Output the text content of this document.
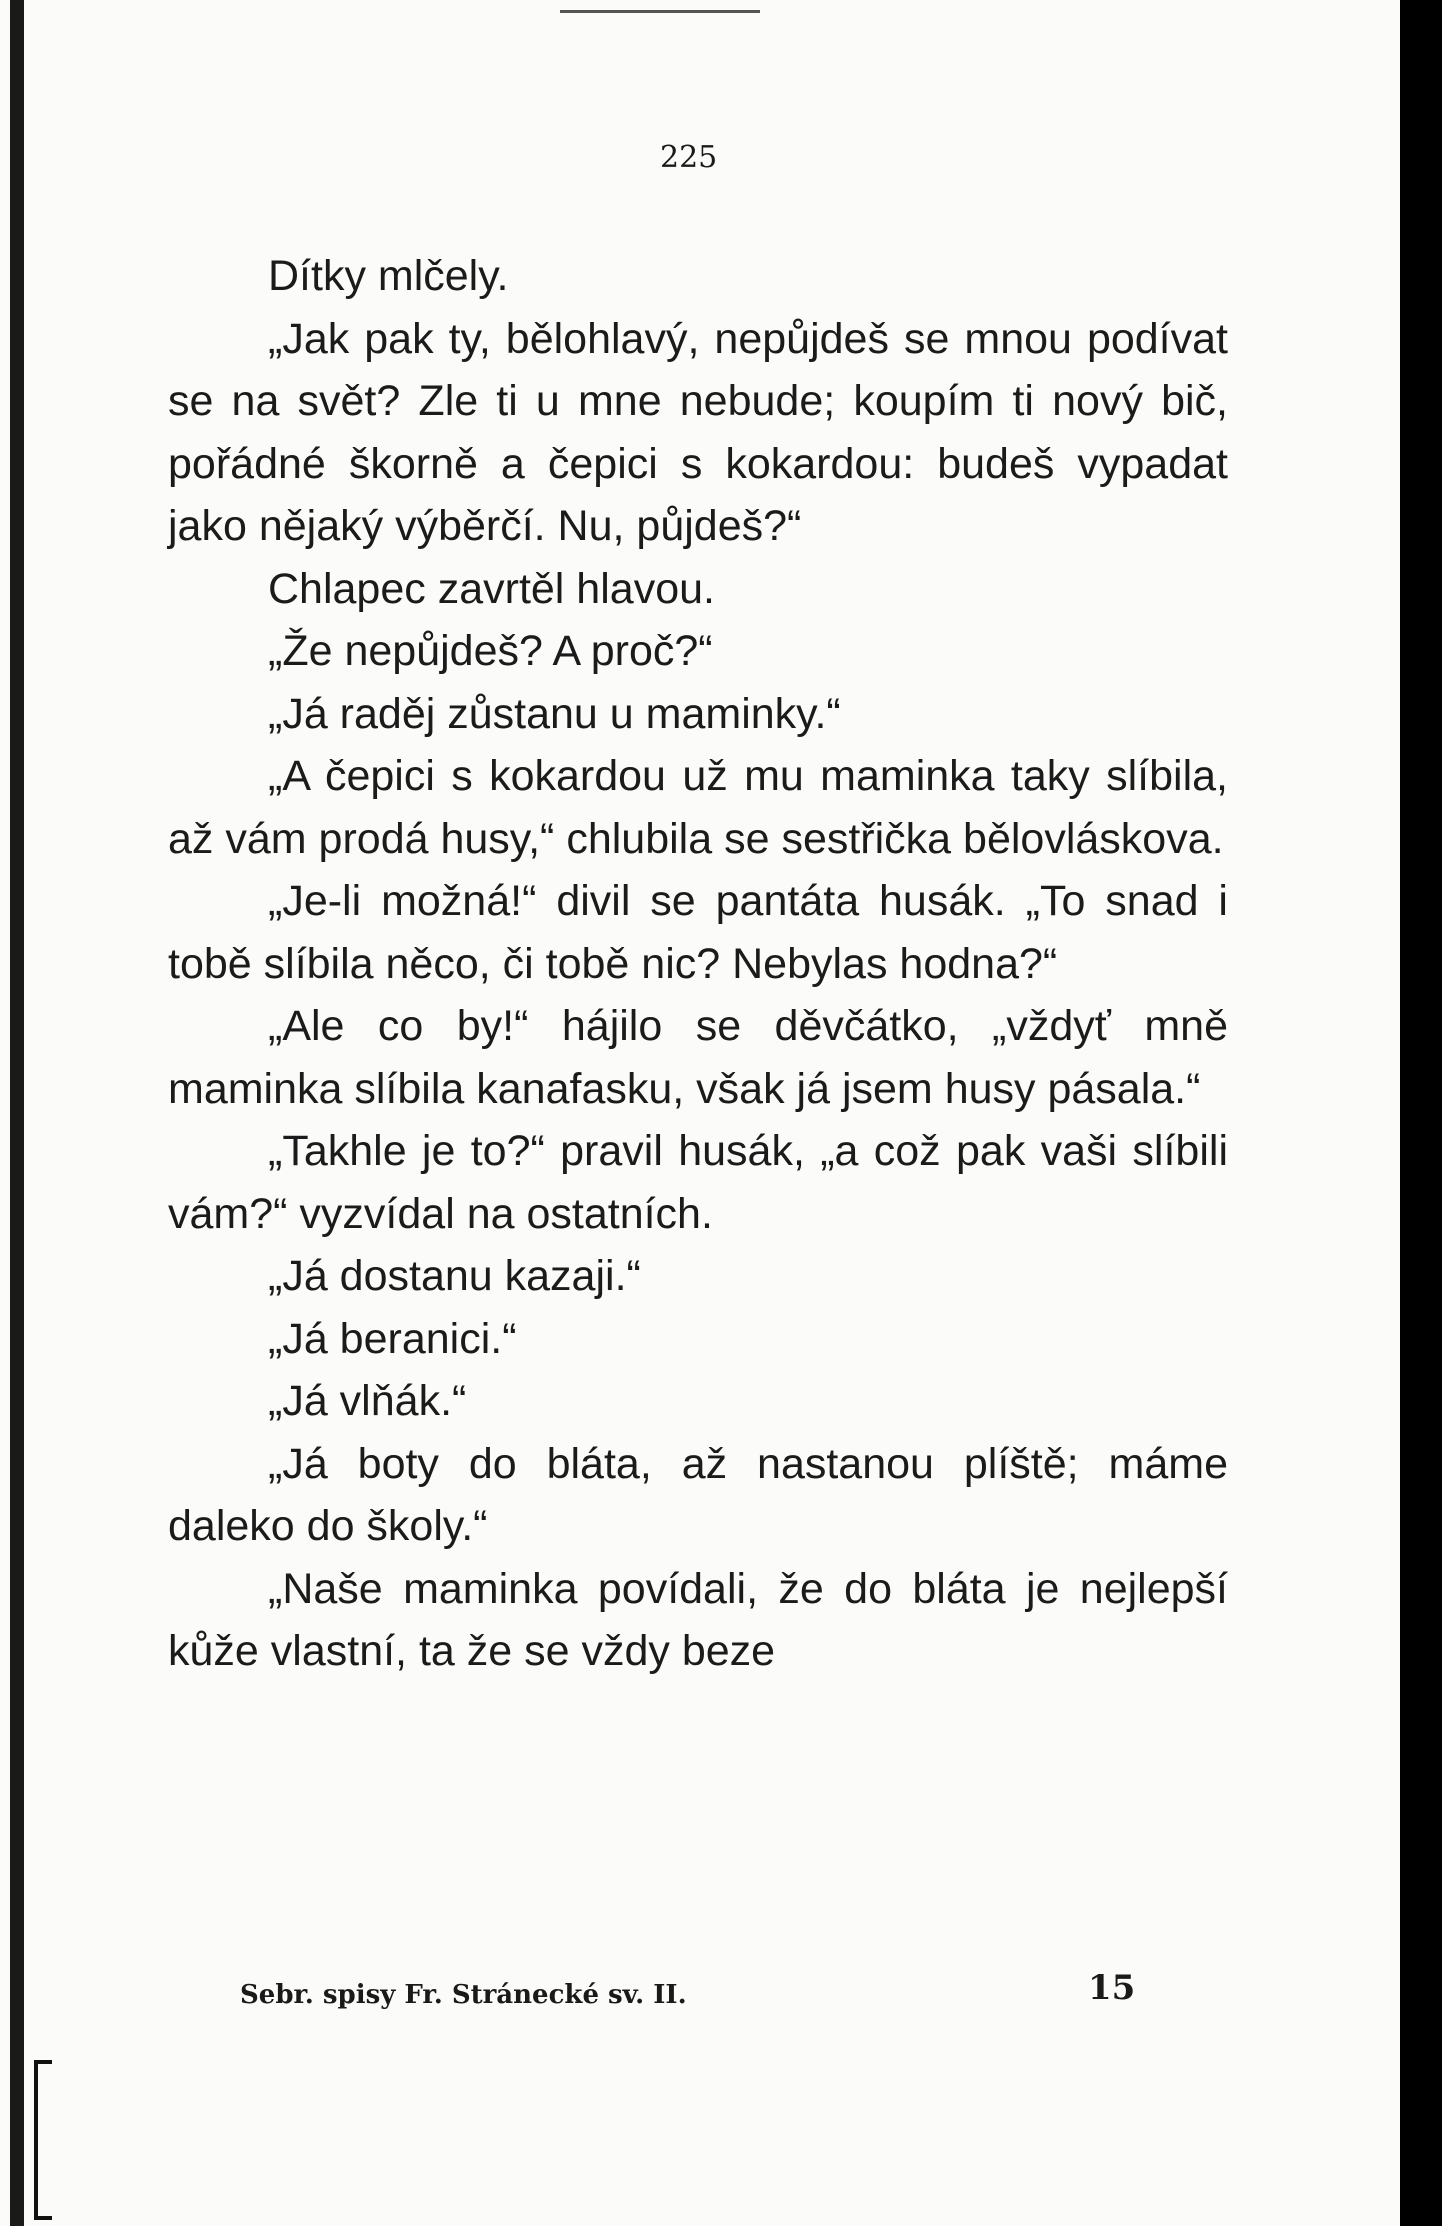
225

Dítky mlčely.

„Jak pak ty, bělohlavý, nepůjdeš se mnou podívat se na svět? Zle ti u mne nebude; koupím ti nový bič, pořádné škorně a čepici s kokardou: budeš vypadat jako nějaký výběrčí. Nu, půjdeš?“

Chlapec zavrtěl hlavou.

„Že nepůjdeš? A proč?“

„Já raděj zůstanu u maminky.“

„A čepici s kokardou už mu maminka taky slíbila, až vám prodá husy,“ chlubila se sestřička bělovláskova.

„Je-li možná!“ divil se pantáta husák. „To snad i tobě slíbila něco, či tobě nic? Nebylas hodna?“

„Ale co by!“ hájilo se děvčátko, „vždyť mně maminka slíbila kanafasku, však já jsem husy pásala.“

„Takhle je to?“ pravil husák, „a což pak vaši slíbili vám?“ vyzvídal na ostatních.

„Já dostanu kazaji.“

„Já beranici.“

„Já vlňák.“

„Já boty do bláta, až nastanou plíště; máme daleko do školy.“

„Naše maminka povídali, že do bláta je nejlepší kůže vlastní, ta že se vždy beze

Sebr. spisy Fr. Stránecké sv. II.	15
